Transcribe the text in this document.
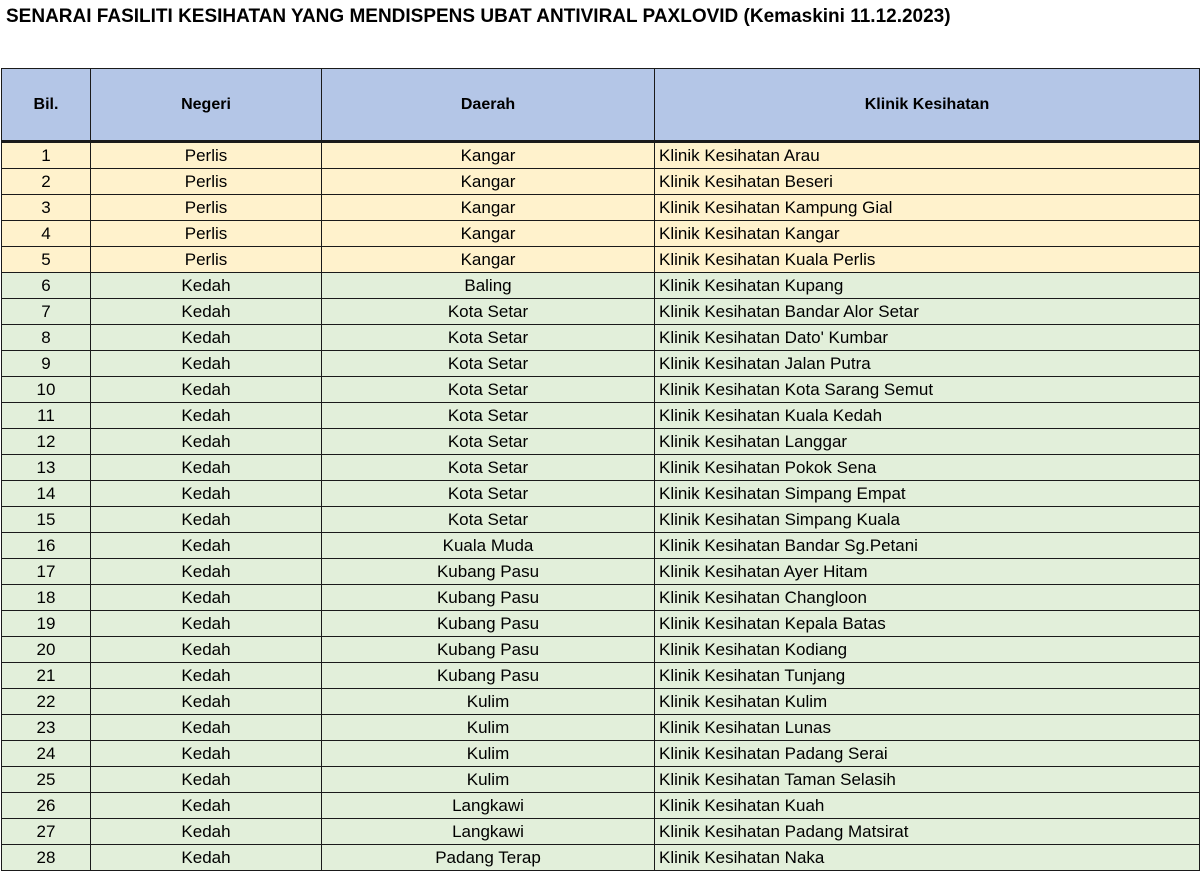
SENARAI FASILITI KESIHATAN YANG MENDISPENS UBAT ANTIVIRAL PAXLOVID (Kemaskini 11.12.2023)
Bil.	Negeri	Daerah	Klinik Kesihatan
1	Perlis	Kangar	Klinik Kesihatan Arau
2	Perlis	Kangar	Klinik Kesihatan Beseri
3	Perlis	Kangar	Klinik Kesihatan Kampung Gial
4	Perlis	Kangar	Klinik Kesihatan Kangar
5	Perlis	Kangar	Klinik Kesihatan Kuala Perlis
6	Kedah	Baling	Klinik Kesihatan Kupang
7	Kedah	Kota Setar	Klinik Kesihatan Bandar Alor Setar
8	Kedah	Kota Setar	Klinik Kesihatan Dato' Kumbar
9	Kedah	Kota Setar	Klinik Kesihatan Jalan Putra
10	Kedah	Kota Setar	Klinik Kesihatan Kota Sarang Semut
11	Kedah	Kota Setar	Klinik Kesihatan Kuala Kedah
12	Kedah	Kota Setar	Klinik Kesihatan Langgar
13	Kedah	Kota Setar	Klinik Kesihatan Pokok Sena
14	Kedah	Kota Setar	Klinik Kesihatan Simpang Empat
15	Kedah	Kota Setar	Klinik Kesihatan Simpang Kuala
16	Kedah	Kuala Muda	Klinik Kesihatan Bandar Sg.Petani
17	Kedah	Kubang Pasu	Klinik Kesihatan Ayer Hitam
18	Kedah	Kubang Pasu	Klinik Kesihatan Changloon
19	Kedah	Kubang Pasu	Klinik Kesihatan Kepala Batas
20	Kedah	Kubang Pasu	Klinik Kesihatan Kodiang
21	Kedah	Kubang Pasu	Klinik Kesihatan Tunjang
22	Kedah	Kulim	Klinik Kesihatan Kulim
23	Kedah	Kulim	Klinik Kesihatan Lunas
24	Kedah	Kulim	Klinik Kesihatan Padang Serai
25	Kedah	Kulim	Klinik Kesihatan Taman Selasih
26	Kedah	Langkawi	Klinik Kesihatan Kuah
27	Kedah	Langkawi	Klinik Kesihatan Padang Matsirat
28	Kedah	Padang Terap	Klinik Kesihatan Naka
